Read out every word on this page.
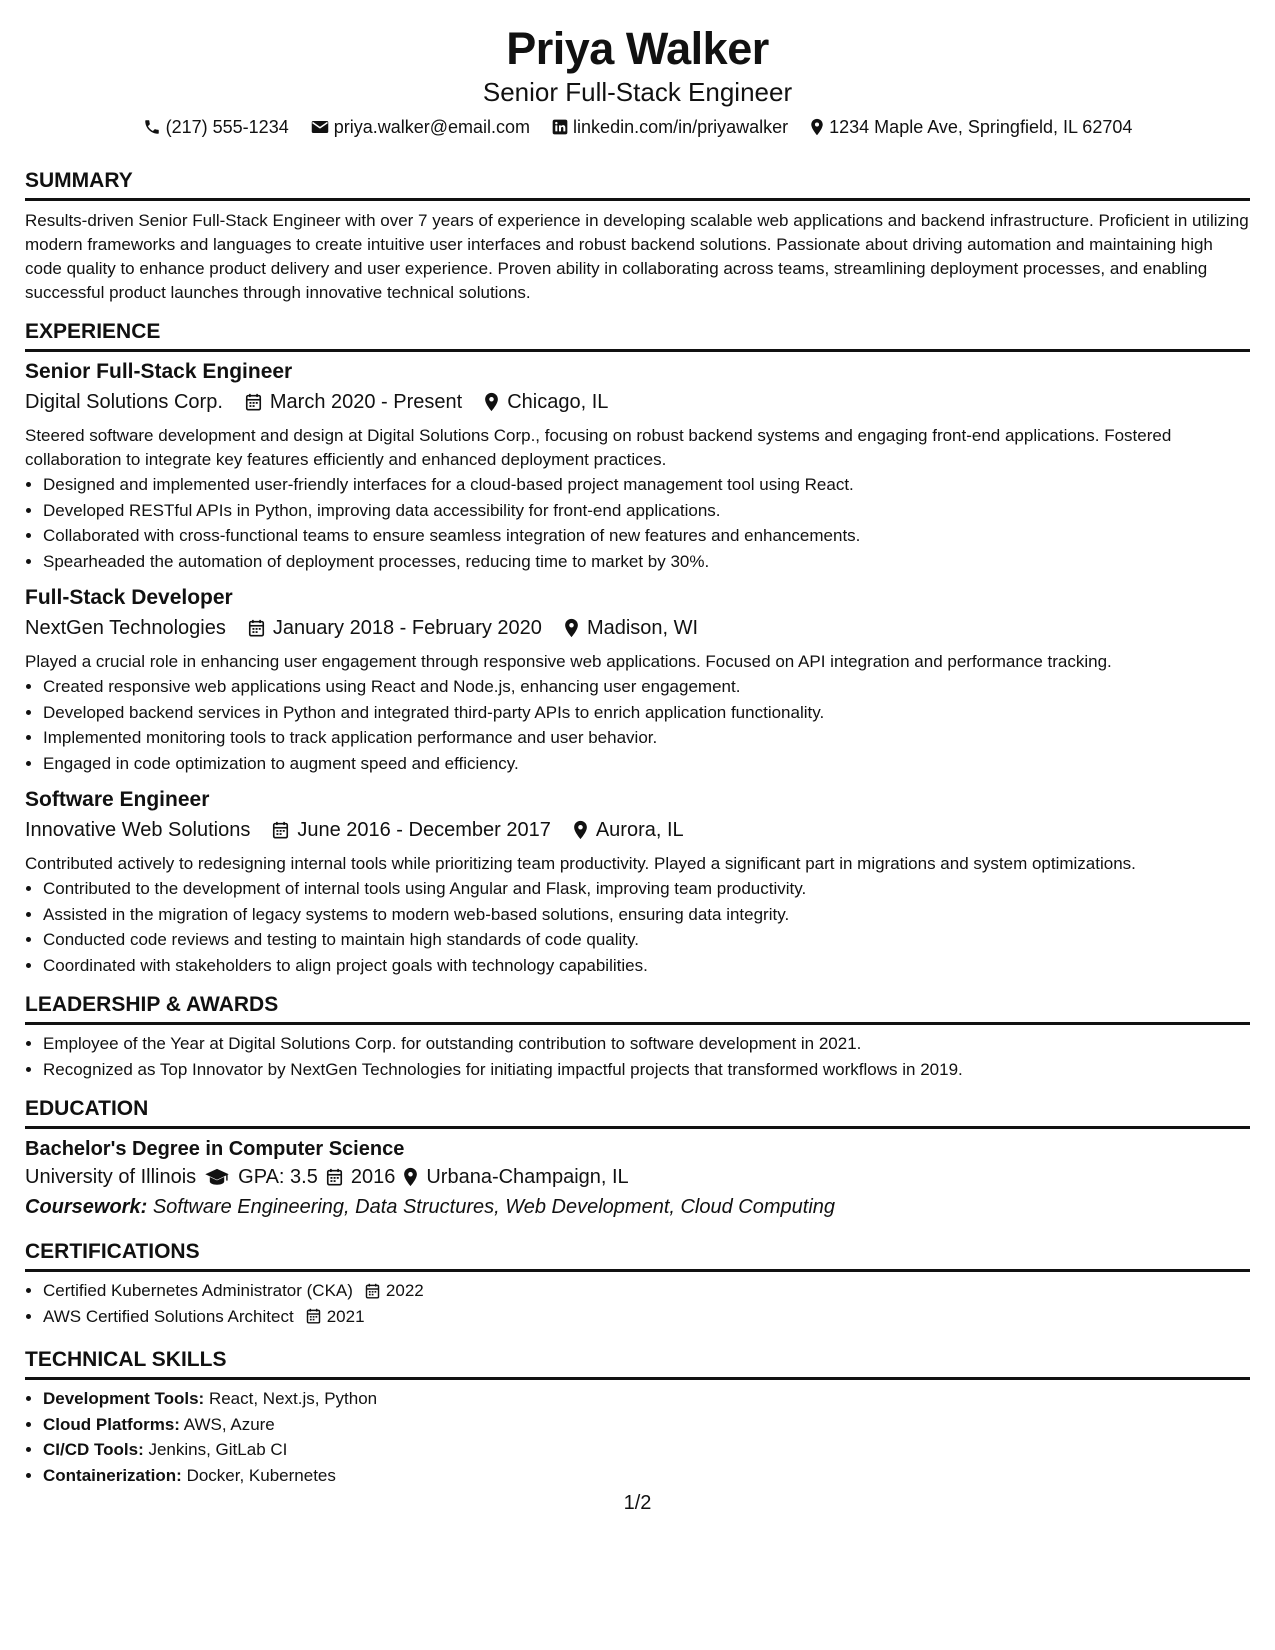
Priya Walker
Senior Full-Stack Engineer
(217) 555-1234	priya.walker@email.com linkedin.com/in/priyawalker 1234 Maple Ave, Springfield, IL 62704
SUMMARY
Results-driven Senior Full-Stack Engineer with over 7 years of experience in developing scalable web applications and backend infrastructure. Proficient in utilizing modern frameworks and languages to create intuitive user interfaces and robust backend solutions. Passionate about driving automation and maintaining high code quality to enhance product delivery and user experience. Proven ability in collaborating across teams, streamlining deployment processes, and enabling successful product launches through innovative technical solutions.
EXPERIENCE
Senior Full-Stack Engineer
Digital Solutions Corp. March 2020 - Present Chicago, IL
Steered software development and design at Digital Solutions Corp., focusing on robust backend systems and engaging front-end applications. Fostered collaboration to integrate key features efficiently and enhanced deployment practices.
• Designed and implemented user-friendly interfaces for a cloud-based project management tool using React.
• Developed RESTful APIs in Python, improving data accessibility for front-end applications.
• Collaborated with cross-functional teams to ensure seamless integration of new features and enhancements.
• Spearheaded the automation of deployment processes, reducing time to market by 30%.
Full-Stack Developer
NextGen Technologies January 2018 - February 2020 Madison, WI
Played a crucial role in enhancing user engagement through responsive web applications. Focused on API integration and performance tracking.
• Created responsive web applications using React and Node.js, enhancing user engagement.
• Developed backend services in Python and integrated third-party APIs to enrich application functionality.
• Implemented monitoring tools to track application performance and user behavior.
• Engaged in code optimization to augment speed and efficiency.
Software Engineer
Innovative Web Solutions June 2016 - December 2017 Aurora, IL
Contributed actively to redesigning internal tools while prioritizing team productivity. Played a significant part in migrations and system optimizations.
• Contributed to the development of internal tools using Angular and Flask, improving team productivity.
• Assisted in the migration of legacy systems to modern web-based solutions, ensuring data integrity.
• Conducted code reviews and testing to maintain high standards of code quality.
• Coordinated with stakeholders to align project goals with technology capabilities.
LEADERSHIP & AWARDS
• Employee of the Year at Digital Solutions Corp. for outstanding contribution to software development in 2021.
• Recognized as Top Innovator by NextGen Technologies for initiating impactful projects that transformed workflows in 2019.
EDUCATION
Bachelor's Degree in Computer Science
University of Illinois GPA: 3.5 2016 Urbana-Champaign, IL
Coursework: Software Engineering, Data Structures, Web Development, Cloud Computing
CERTIFICATIONS
• Certified Kubernetes Administrator (CKA) 2022
• AWS Certified Solutions Architect 2021
TECHNICAL SKILLS
• Development Tools: React, Next.js, Python
• Cloud Platforms: AWS, Azure
• CI/CD Tools: Jenkins, GitLab CI
• Containerization: Docker, Kubernetes
1/2
